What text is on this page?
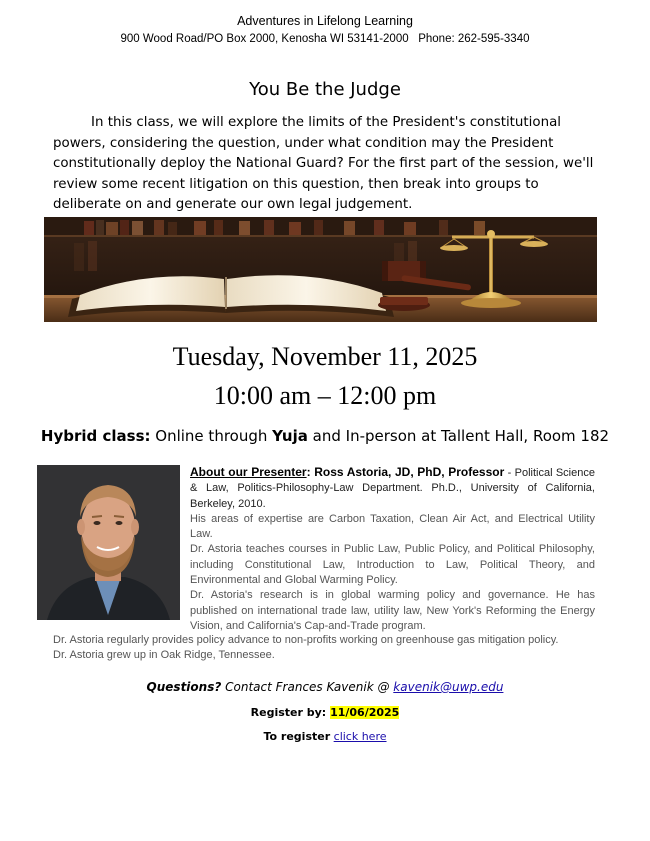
Adventures in Lifelong Learning
900 Wood Road/PO Box 2000, Kenosha WI 53141-2000 Phone: 262-595-3340
You Be the Judge
In this class, we will explore the limits of the President's constitutional powers, considering the question, under what condition may the President constitutionally deploy the National Guard? For the first part of the session, we'll review some recent litigation on this question, then break into groups to deliberate on and generate our own legal judgement.
Tuesday, November 11, 2025
10:00 am – 12:00 pm
Hybrid class: Online through Yuja and In-person at Tallent Hall, Room 182

About our Presenter: Ross Astoria, JD, PhD, Professor - Political Science & Law, Politics-Philosophy-Law Department. Ph.D., University of California, Berkeley, 2010.

His areas of expertise are Carbon Taxation, Clean Air Act, and Electrical Utility Law.

Dr. Astoria teaches courses in Public Law, Public Policy, and Political Philosophy, including Constitutional Law, Introduction to Law, Political Theory, and Environmental and Global Warming Policy.

Dr. Astoria's research is in global warming policy and governance. He has published on international trade law, utility law, New York's Reforming the Energy Vision, and California's Cap-and-Trade program.

Dr. Astoria regularly provides policy advance to non-profits working on greenhouse gas mitigation policy. Dr. Astoria grew up in Oak Ridge, Tennessee.
Questions? Contact Frances Kavenik @ kavenik@uwp.edu
Register by: 11/06/2025
To register click here
